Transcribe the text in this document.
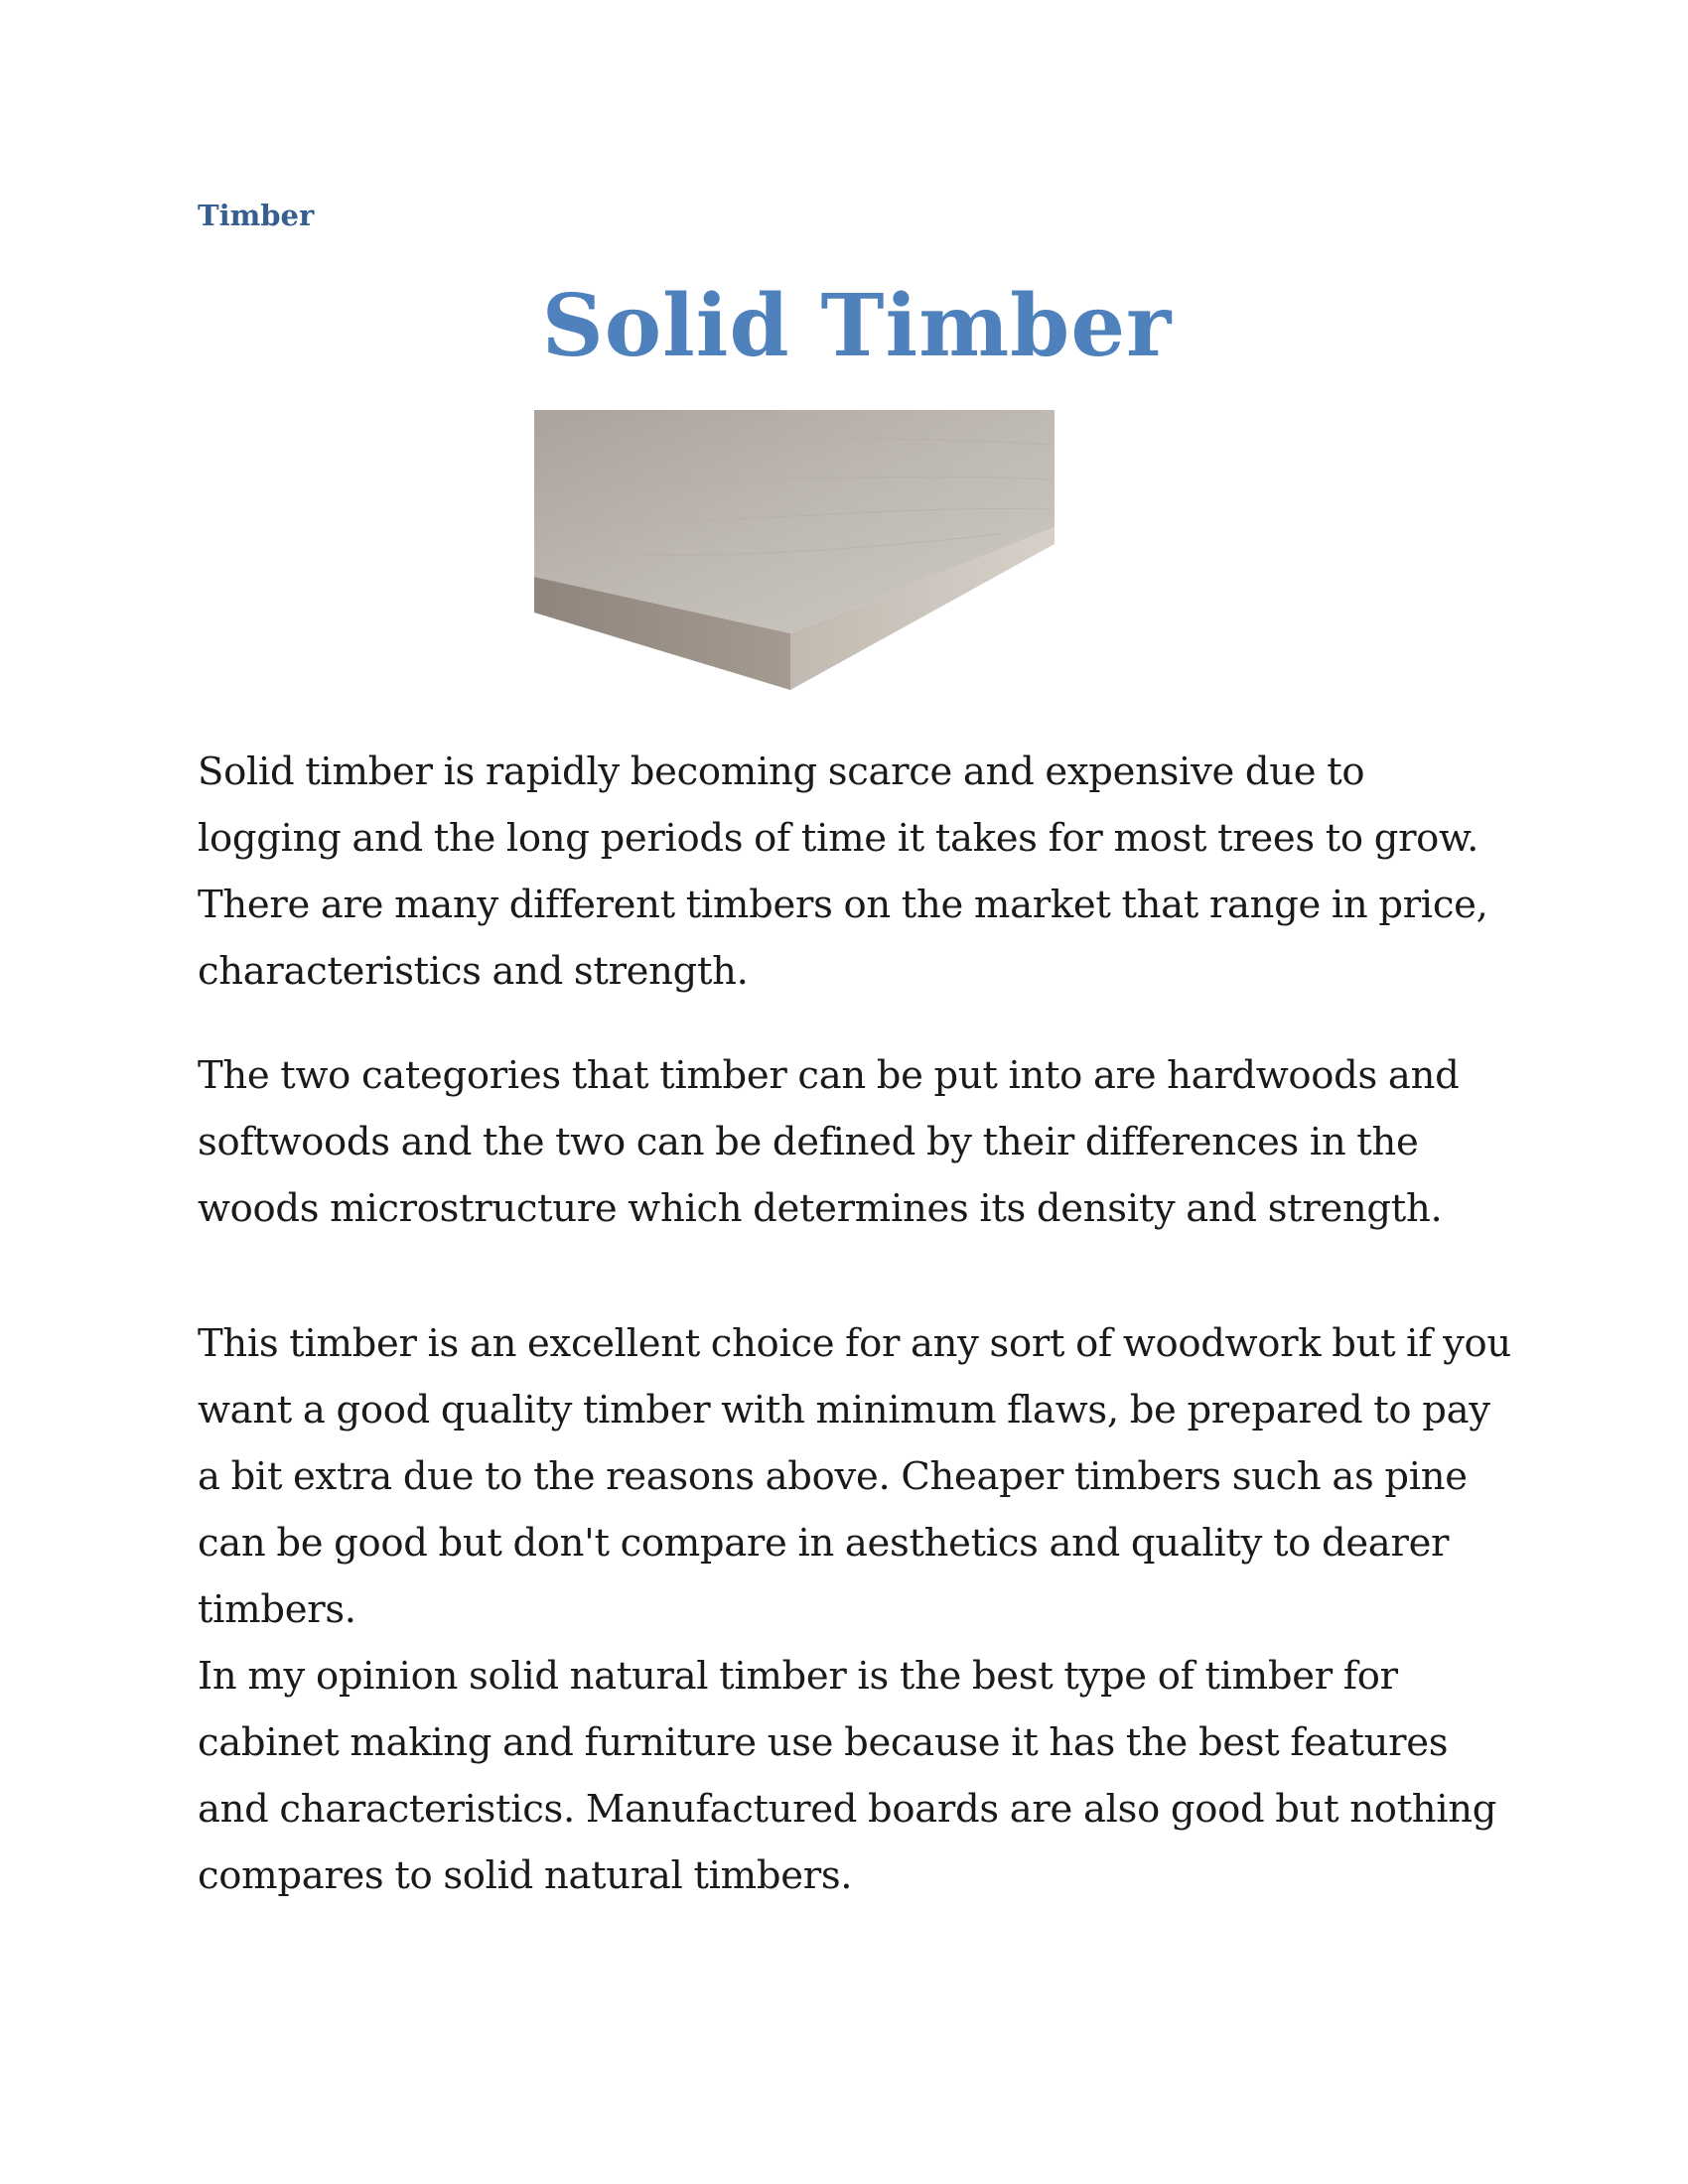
Timber
Solid Timber

Solid timber is rapidly becoming scarce and expensive due to logging and the long periods of time it takes for most trees to grow. There are many different timbers on the market that range in price, characteristics and strength.

The two categories that timber can be put into are hardwoods and softwoods and the two can be defined by their differences in the woods microstructure which determines its density and strength.

This timber is an excellent choice for any sort of woodwork but if you want a good quality timber with minimum flaws, be prepared to pay a bit extra due to the reasons above. Cheaper timbers such as pine can be good but don't compare in aesthetics and quality to dearer timbers.

In my opinion solid natural timber is the best type of timber for cabinet making and furniture use because it has the best features and characteristics. Manufactured boards are also good but nothing compares to solid natural timbers.
